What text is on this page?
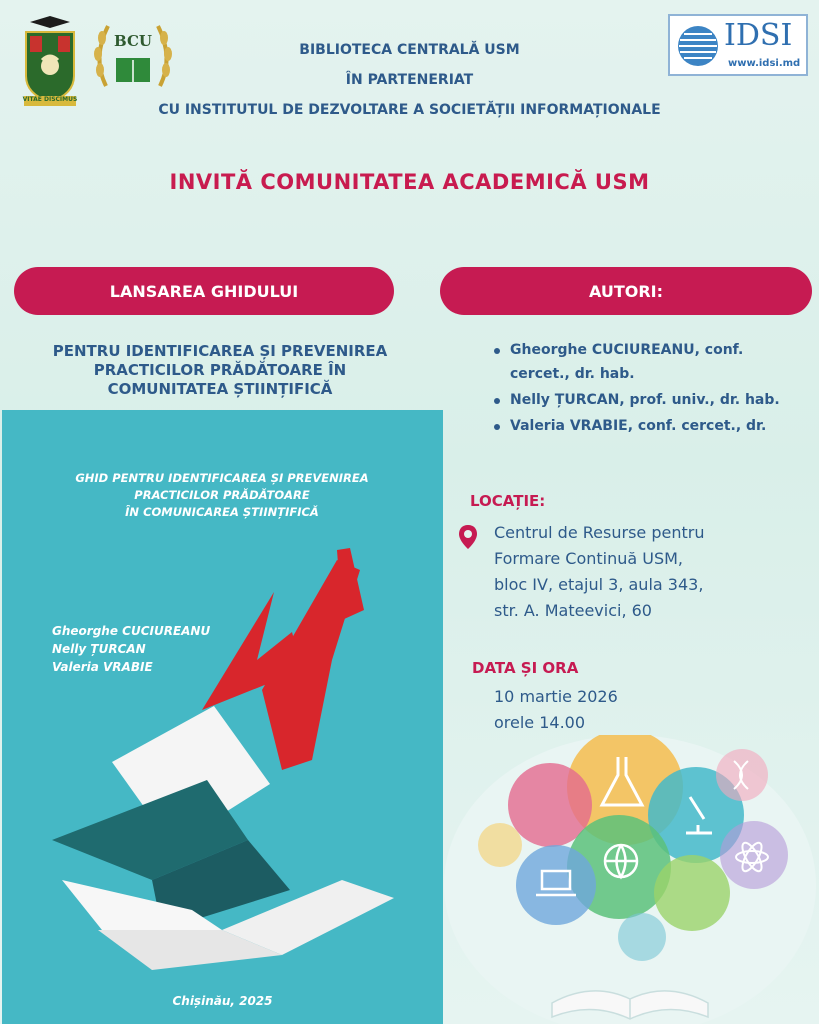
VITAE DISCIMUS
BCU	IDSI
www.idsi.md
BIBLIOTECA CENTRALĂ USM
ÎN PARTENERIAT
CU INSTITUTUL DE DEZVOLTARE A SOCIETĂȚII INFORMAȚIONALE
INVITĂ COMUNITATEA ACADEMICĂ USM
LANSAREA GHIDULUI	AUTORI:
PENTRU IDENTIFICAREA ȘI PREVENIREA
PRACTICILOR PRĂDĂTOARE ÎN
COMUNITATEA ȘTIINȚIFICĂ
Gheorghe CUCIUREANU, conf.
cercet., dr. hab.
Nelly ȚURCAN, prof. univ., dr. hab.
Valeria VRABIE, conf. cercet., dr.
LOCAȚIE:
Centrul de Resurse pentru
Formare Continuă USM,
bloc IV, etajul 3, aula 343,
str. A. Mateevici, 60
DATA ȘI ORA
10 martie 2026
orele 14.00
GHID PENTRU IDENTIFICAREA ȘI PREVENIREA
PRACTICILOR PRĂDĂTOARE
ÎN COMUNICAREA ȘTIINȚIFICĂ
Gheorghe CUCIUREANU
Nelly ȚURCAN
Valeria VRABIE
Chișinău, 2025
